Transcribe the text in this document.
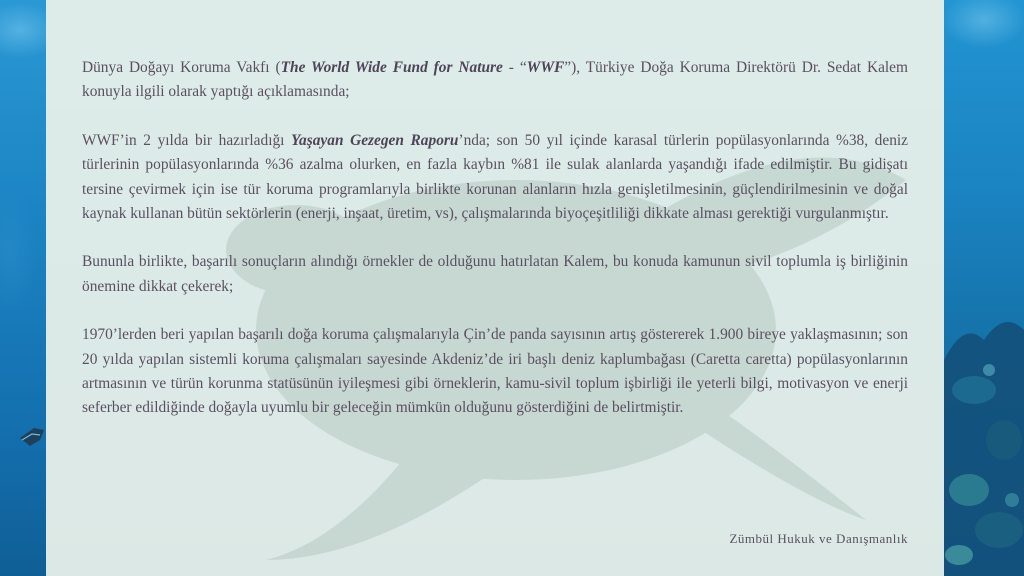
Dünya Doğayı Koruma Vakfı (The World Wide Fund for Nature - “WWF”), Türkiye Doğa Koruma Direktörü Dr. Sedat Kalem konuyla ilgili olarak yaptığı açıklamasında;

WWF’in 2 yılda bir hazırladığı Yaşayan Gezegen Raporu’nda; son 50 yıl içinde karasal türlerin popülasyonlarında %38, deniz türlerinin popülasyonlarında %36 azalma olurken, en fazla kaybın %81 ile sulak alanlarda yaşandığı ifade edilmiştir. Bu gidişatı tersine çevirmek için ise tür koruma programlarıyla birlikte korunan alanların hızla genişletilmesinin, güçlendirilmesinin ve doğal kaynak kullanan bütün sektörlerin (enerji, inşaat, üretim, vs), çalışmalarında biyoçeşitliliği dikkate alması gerektiği vurgulanmıştır.

Bununla birlikte, başarılı sonuçların alındığı örnekler de olduğunu hatırlatan Kalem, bu konuda kamunun sivil toplumla iş birliğinin önemine dikkat çekerek;

1970’lerden beri yapılan başarılı doğa koruma çalışmalarıyla Çin’de panda sayısının artış göstererek 1.900 bireye yaklaşmasının; son 20 yılda yapılan sistemli koruma çalışmaları sayesinde Akdeniz’de iri başlı deniz kaplumbağası (Caretta caretta) popülasyonlarının artmasının ve türün korunma statüsünün iyileşmesi gibi örneklerin, kamu-sivil toplum işbirliği ile yeterli bilgi, motivasyon ve enerji seferber edildiğinde doğayla uyumlu bir geleceğin mümkün olduğunu gösterdiğini de belirtmiştir.

Zümbül Hukuk ve Danışmanlık
